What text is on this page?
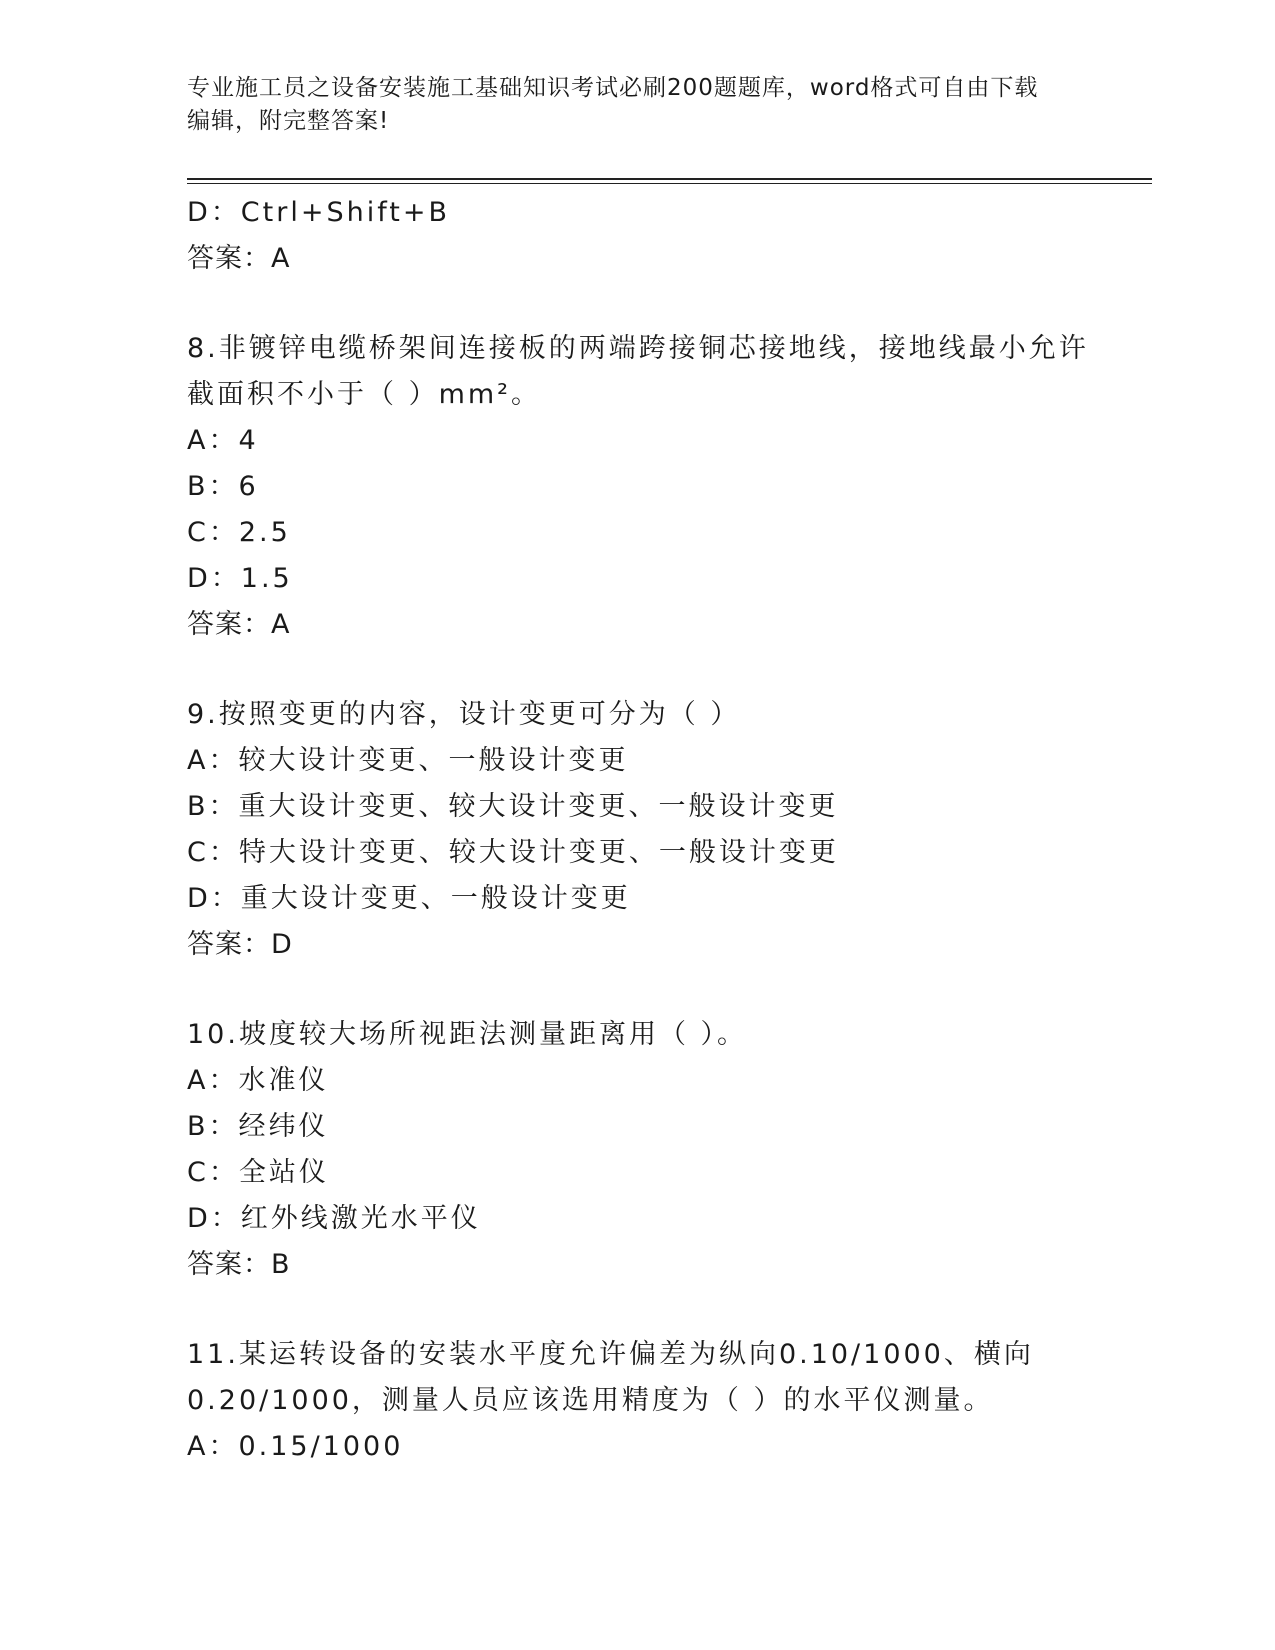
专业施工员之设备安装施工基础知识考试必刷200题题库，word格式可自由下载
编辑，附完整答案!
D：Ctrl+Shift+B
答案：A
8.非镀锌电缆桥架间连接板的两端跨接铜芯接地线，接地线最小允许
截面积不小于（ ）mm²。
A：4
B：6
C：2.5
D：1.5
答案：A
9.按照变更的内容，设计变更可分为（ ）
A：较大设计变更、一般设计变更
B：重大设计变更、较大设计变更、一般设计变更
C：特大设计变更、较大设计变更、一般设计变更
D：重大设计变更、一般设计变更
答案：D
10.坡度较大场所视距法测量距离用（ ）。
A：水准仪
B：经纬仪
C：全站仪
D：红外线激光水平仪
答案：B
11.某运转设备的安装水平度允许偏差为纵向0.10/1000、横向
0.20/1000，测量人员应该选用精度为（ ）的水平仪测量。
A：0.15/1000
